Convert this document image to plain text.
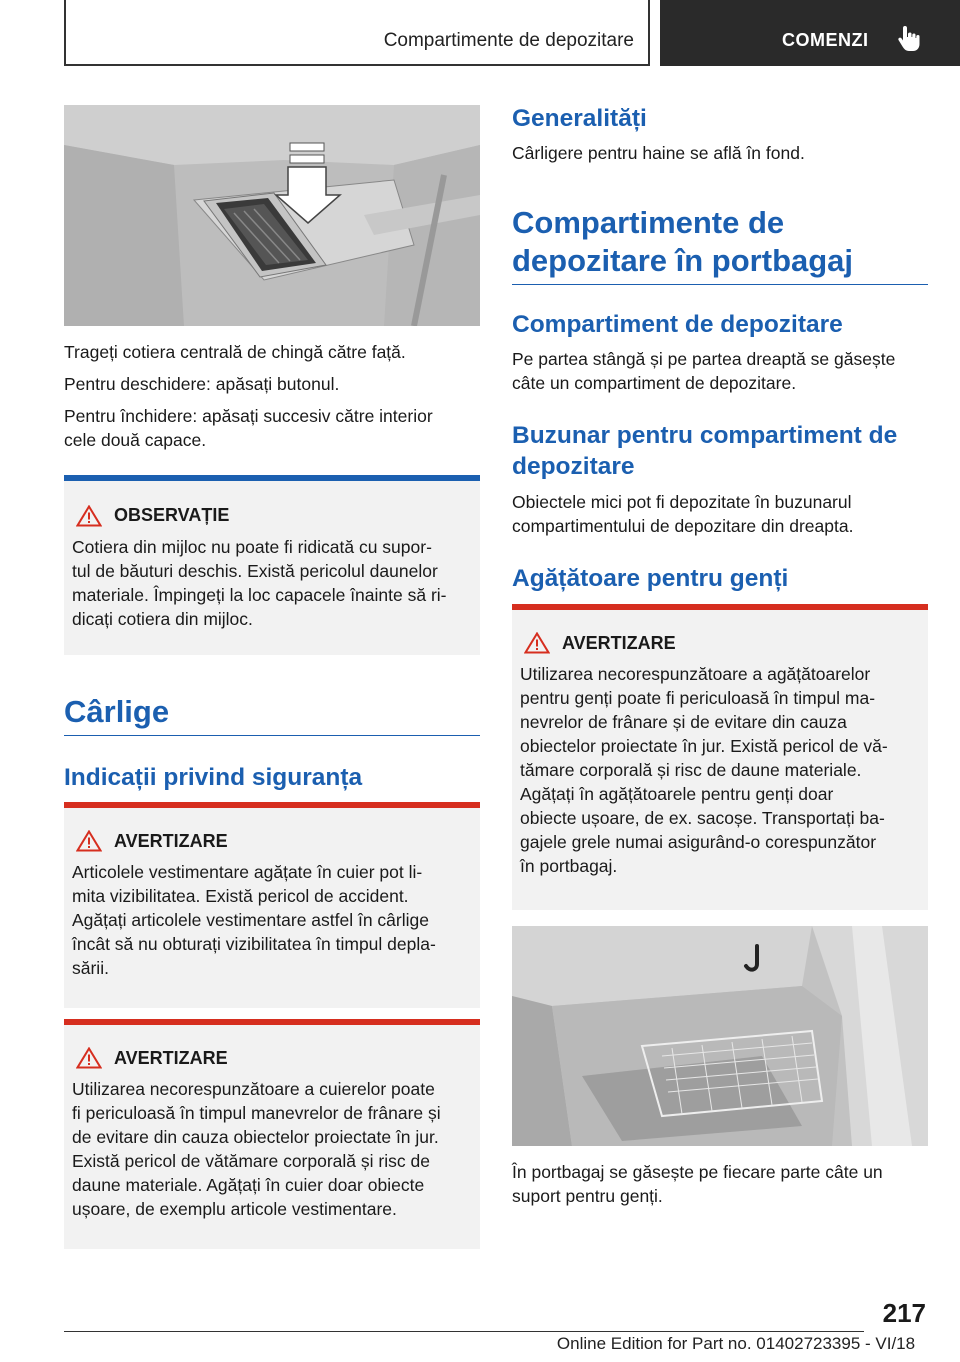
Compartimente de depozitare	COMENZI

Trageți cotiera centrală de chingă către față.

Pentru deschidere: apăsați butonul.

Pentru închidere: apăsați succesiv către interior

cele două capace.

OBSERVAȚIE
Cotiera din mijloc nu poate fi ridicată cu supor-
tul de băuturi deschis. Există pericolul daunelor
materiale. Împingeți la loc capacele înainte să ri-
dicați cotiera din mijloc.
Cârlige
Indicații privind siguranța
AVERTIZARE
Articolele vestimentare agățate în cuier pot li-
mita vizibilitatea. Există pericol de accident.
Agățați articolele vestimentare astfel în cârlige
încât să nu obturați vizibilitatea în timpul depla-
sării.
AVERTIZARE
Utilizarea necorespunzătoare a cuierelor poate
fi periculoasă în timpul manevrelor de frânare și
de evitare din cauza obiectelor proiectate în jur.
Există pericol de vătămare corporală și risc de
daune materiale. Agățați în cuier doar obiecte
ușoare, de exemplu articole vestimentare.
Generalități

Cârligere pentru haine se află în fond.

Compartimente de
depozitare în portbagaj
Compartiment de depozitare

Pe partea stângă și pe partea dreaptă se găsește

câte un compartiment de depozitare.

Buzunar pentru compartiment de
depozitare

Obiectele mici pot fi depozitate în buzunarul

compartimentului de depozitare din dreapta.

Agățătoare pentru genți
AVERTIZARE
Utilizarea necorespunzătoare a agățătoarelor
pentru genți poate fi periculoasă în timpul ma-
nevrelor de frânare și de evitare din cauza
obiectelor proiectate în jur. Există pericol de vă-
tămare corporală și risc de daune materiale.
Agățați în agățătoarele pentru genți doar
obiecte ușoare, de ex. sacoșe. Transportați ba-
gajele grele numai asigurând-o corespunzător
în portbagaj.

În portbagaj se găsește pe fiecare parte câte un

suport pentru genți.

217
Online Edition for Part no. 01402723395 - VI/18
